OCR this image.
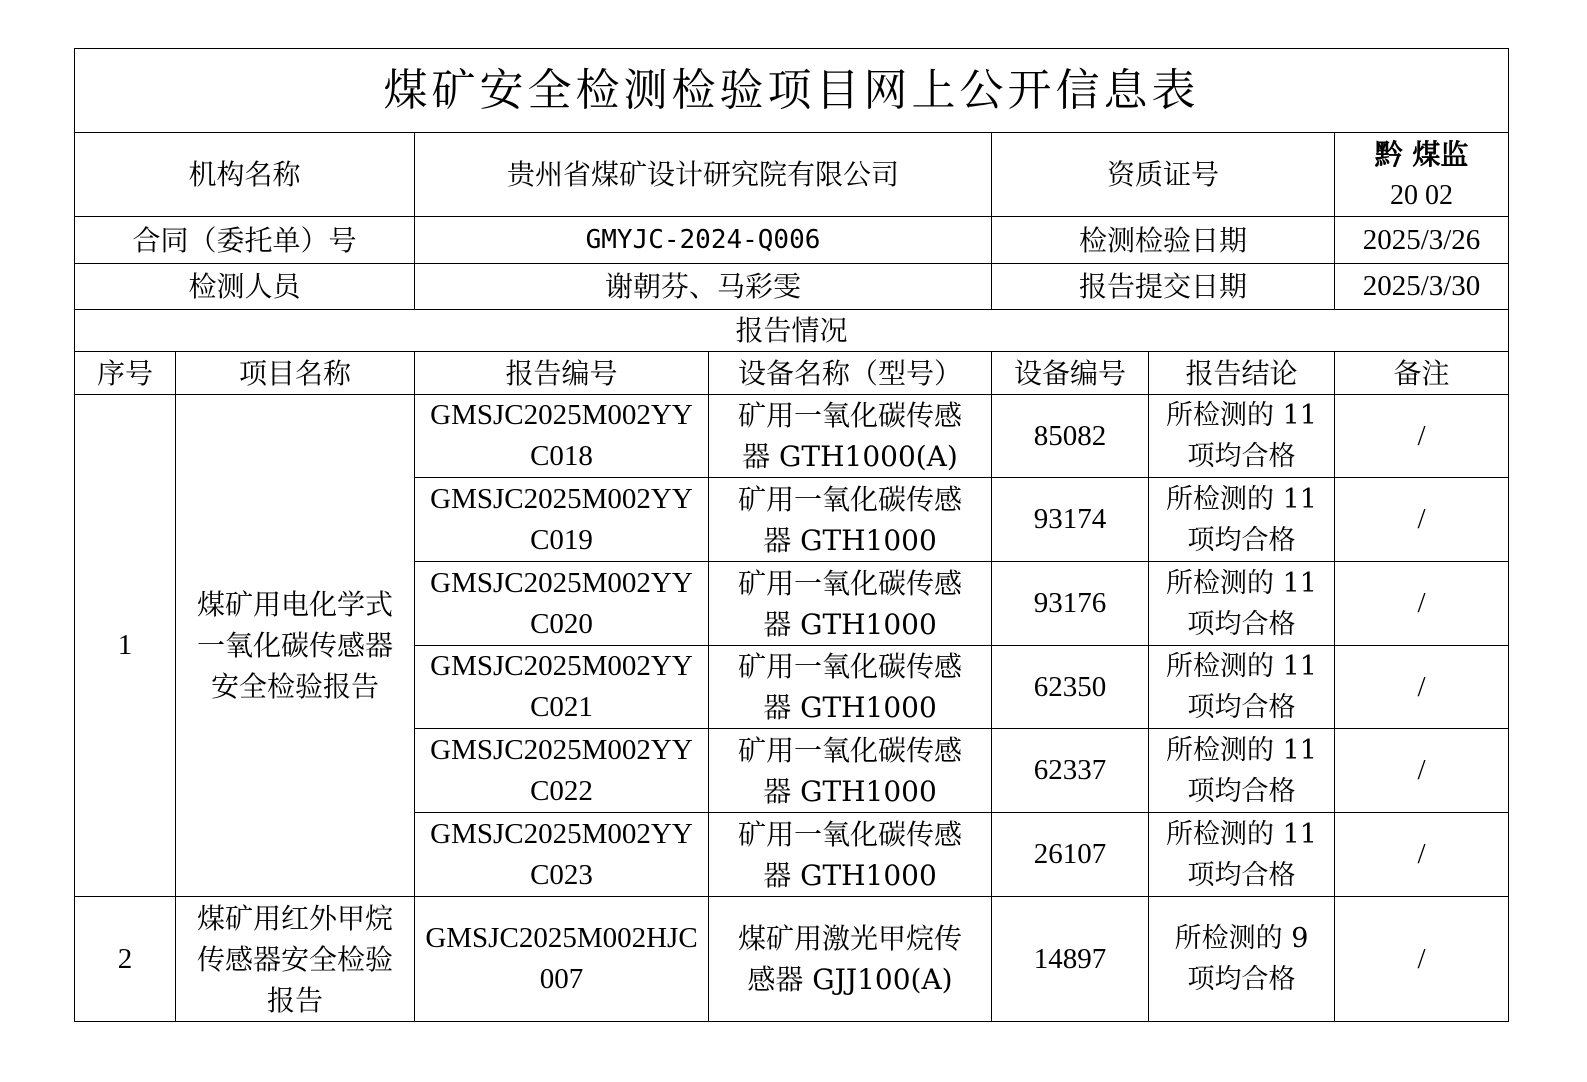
煤矿安全检测检验项目网上公开信息表						
机构名称		贵州省煤矿设计研究院有限公司		资质证号		黔 煤监
20 02

合同（委托单）号		GMYJC-2024-Q006		检测检验日期		2025/3/26
检测人员		谢朝芬、马彩雯		报告提交日期		2025/3/30
报告情况						
序号	项目名称	报告编号	设备名称（型号）	设备编号	报告结论	备注
1	煤矿用电化学式
一氧化碳传感器
安全检验报告	GMSJC2025M002YY
C018	矿用一氧化碳传感
器 GTH1000(A)	85082	所检测的 11
项均合格	/

		GMSJC2025M002YY
C019	矿用一氧化碳传感
器 GTH1000	93174	所检测的 11
项均合格	/

		GMSJC2025M002YY
C020	矿用一氧化碳传感
器 GTH1000	93176	所检测的 11
项均合格	/

		GMSJC2025M002YY
C021	矿用一氧化碳传感
器 GTH1000	62350	所检测的 11
项均合格	/

		GMSJC2025M002YY
C022	矿用一氧化碳传感
器 GTH1000	62337	所检测的 11
项均合格	/

		GMSJC2025M002YY
C023	矿用一氧化碳传感
器 GTH1000	26107	所检测的 11
项均合格	/
2	煤矿用红外甲烷
传感器安全检验
报告	GMSJC2025M002HJC
007	煤矿用激光甲烷传
感器 GJJ100(A)	14897	所检测的 9
项均合格	/
